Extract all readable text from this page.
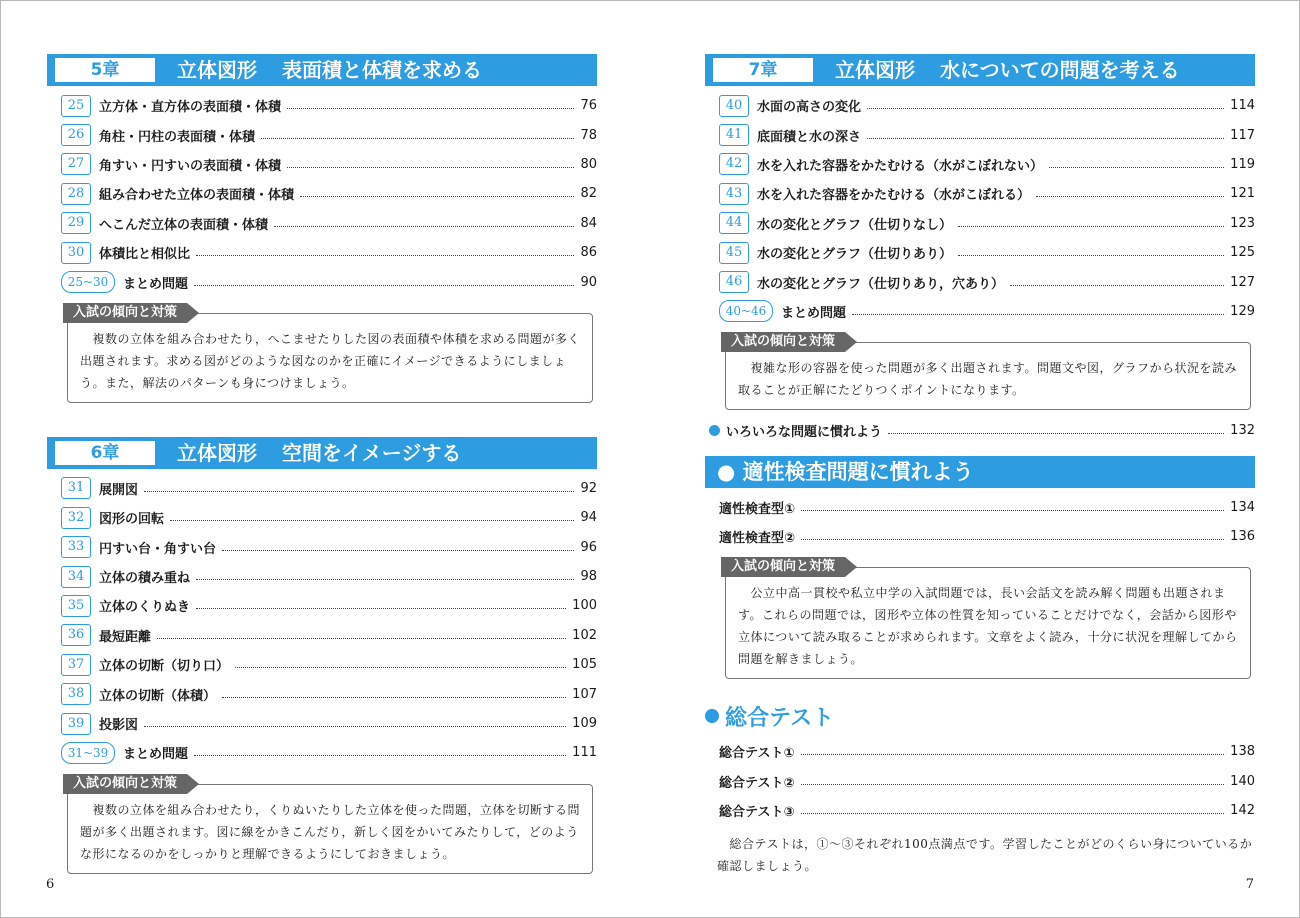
5章	立体図形 表面積と体積を求める
25	立方体・直方体の表面積・体積	76
26	角柱・円柱の表面積・体積	78
27	角すい・円すいの表面積・体積	80
28	組み合わせた立体の表面積・体積	82
29	へこんだ立体の表面積・体積	84
30	体積比と相似比	86
25~30	まとめ問題	90
入試の傾向と対策
　複数の立体を組み合わせたり，へこませたりした図の表面積や体積を求める問題が多く出題されます。求める図がどのような図なのかを正確にイメージできるようにしましょう。また，解法のパターンも身につけましょう。
6章	立体図形 空間をイメージする
31	展開図	92
32	図形の回転	94
33	円すい台・角すい台	96
34	立体の積み重ね	98
35	立体のくりぬき	100
36	最短距離	102
37	立体の切断（切り口）	105
38	立体の切断（体積）	107
39	投影図	109
31~39	まとめ問題	111
入試の傾向と対策
　複数の立体を組み合わせたり，くりぬいたりした立体を使った問題，立体を切断する問題が多く出題されます。図に線をかきこんだり，新しく図をかいてみたりして，どのような形になるのかをしっかりと理解できるようにしておきましょう。
6
7章	立体図形 水についての問題を考える
40	水面の高さの変化	114
41	底面積と水の深さ	117
42	水を入れた容器をかたむける（水がこぼれない）	119
43	水を入れた容器をかたむける（水がこぼれる）	121
44	水の変化とグラフ（仕切りなし）	123
45	水の変化とグラフ（仕切りあり）	125
46	水の変化とグラフ（仕切りあり，穴あり）	127
40~46	まとめ問題	129
入試の傾向と対策
　複雑な形の容器を使った問題が多く出題されます。問題文や図，グラフから状況を読み取ることが正解にたどりつくポイントになります。
いろいろな問題に慣れよう	132
● 適性検査問題に慣れよう
適性検査型①	134
適性検査型②	136
入試の傾向と対策
　公立中高一貫校や私立中学の入試問題では，長い会話文を読み解く問題も出題されます。これらの問題では，図形や立体の性質を知っていることだけでなく，会話から図形や立体について読み取ることが求められます。文章をよく読み，十分に状況を理解してから問題を解きましょう。
総合テスト
総合テスト①	138
総合テスト②	140
総合テスト③	142
　総合テストは，①〜③それぞれ100点満点です。学習したことがどのくらい身についているか確認しましょう。
7
